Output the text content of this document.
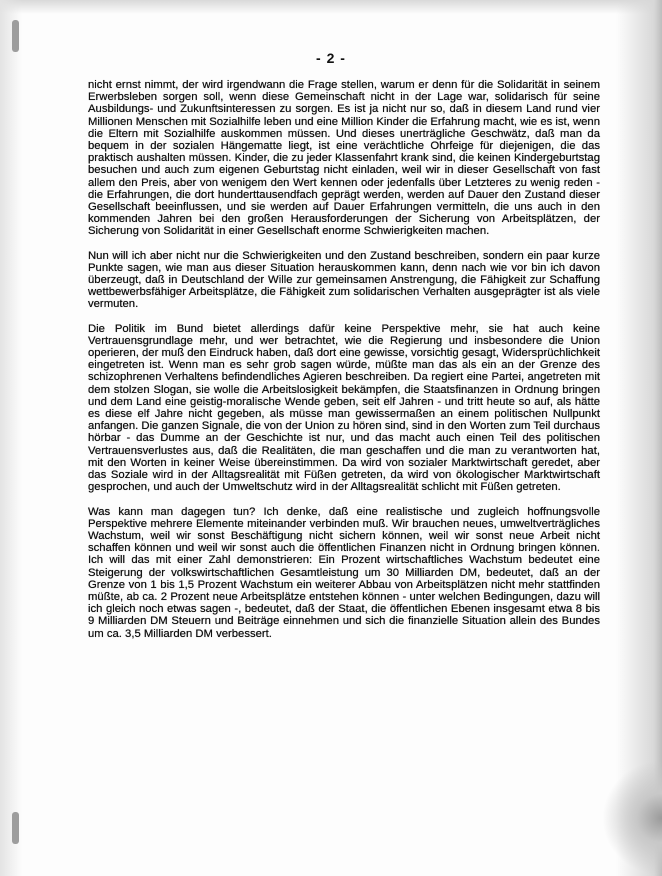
- 2 -

nicht ernst nimmt, der wird irgendwann die Frage stellen, warum er denn für die Solidarität in seinem Erwerbsleben sorgen soll, wenn diese Gemeinschaft nicht in der Lage war, solidarisch für seine Ausbildungs- und Zukunftsinteressen zu sorgen. Es ist ja nicht nur so, daß in diesem Land rund vier Millionen Menschen mit Sozialhilfe leben und eine Million Kinder die Erfahrung macht, wie es ist, wenn die Eltern mit Sozialhilfe auskommen müssen. Und dieses unerträgliche Geschwätz, daß man da bequem in der sozialen Hängematte liegt, ist eine verächtliche Ohrfeige für diejenigen, die das praktisch aushalten müssen. Kinder, die zu jeder Klassenfahrt krank sind, die keinen Kindergeburtstag besuchen und auch zum eigenen Geburtstag nicht einladen, weil wir in dieser Gesellschaft von fast allem den Preis, aber von wenigem den Wert kennen oder jedenfalls über Letzteres zu wenig reden - die Erfahrungen, die dort hunderttausendfach geprägt werden, werden auf Dauer den Zustand dieser Gesellschaft beeinflussen, und sie werden auf Dauer Erfahrungen vermitteln, die uns auch in den kommenden Jahren bei den großen Herausforderungen der Sicherung von Arbeitsplätzen, der Sicherung von Solidarität in einer Gesellschaft enorme Schwierigkeiten machen.

Nun will ich aber nicht nur die Schwierigkeiten und den Zustand beschreiben, sondern ein paar kurze Punkte sagen, wie man aus dieser Situation herauskommen kann, denn nach wie vor bin ich davon überzeugt, daß in Deutschland der Wille zur gemeinsamen Anstrengung, die Fähigkeit zur Schaffung wettbewerbsfähiger Arbeitsplätze, die Fähigkeit zum solidarischen Verhalten ausgeprägter ist als viele vermuten.

Die Politik im Bund bietet allerdings dafür keine Perspektive mehr, sie hat auch keine Vertrauensgrundlage mehr, und wer betrachtet, wie die Regierung und insbesondere die Union operieren, der muß den Eindruck haben, daß dort eine gewisse, vorsichtig gesagt, Widersprüchlichkeit eingetreten ist. Wenn man es sehr grob sagen würde, müßte man das als ein an der Grenze des schizophrenen Verhaltens befindendliches Agieren beschreiben. Da regiert eine Partei, angetreten mit dem stolzen Slogan, sie wolle die Arbeitslosigkeit bekämpfen, die Staatsfinanzen in Ordnung bringen und dem Land eine geistig-moralische Wende geben, seit elf Jahren - und tritt heute so auf, als hätte es diese elf Jahre nicht gegeben, als müsse man gewissermaßen an einem politischen Nullpunkt anfangen. Die ganzen Signale, die von der Union zu hören sind, sind in den Worten zum Teil durchaus hörbar - das Dumme an der Geschichte ist nur, und das macht auch einen Teil des politischen Vertrauensverlustes aus, daß die Realitäten, die man geschaffen und die man zu verantworten hat, mit den Worten in keiner Weise übereinstimmen. Da wird von sozialer Marktwirtschaft geredet, aber das Soziale wird in der Alltagsrealität mit Füßen getreten, da wird von ökologischer Marktwirtschaft gesprochen, und auch der Umweltschutz wird in der Alltagsrealität schlicht mit Füßen getreten.

Was kann man dagegen tun? Ich denke, daß eine realistische und zugleich hoffnungsvolle Perspektive mehrere Elemente miteinander verbinden muß. Wir brauchen neues, umweltverträgliches Wachstum, weil wir sonst Beschäftigung nicht sichern können, weil wir sonst neue Arbeit nicht schaffen können und weil wir sonst auch die öffentlichen Finanzen nicht in Ordnung bringen können. Ich will das mit einer Zahl demonstrieren: Ein Prozent wirtschaftliches Wachstum bedeutet eine Steigerung der volkswirtschaftlichen Gesamtleistung um 30 Milliarden DM, bedeutet, daß an der Grenze von 1 bis 1,5 Prozent Wachstum ein weiterer Abbau von Arbeitsplätzen nicht mehr stattfinden müßte, ab ca. 2 Prozent neue Arbeitsplätze entstehen können - unter welchen Bedingungen, dazu will ich gleich noch etwas sagen -, bedeutet, daß der Staat, die öffentlichen Ebenen insgesamt etwa 8 bis 9 Milliarden DM Steuern und Beiträge einnehmen und sich die finanzielle Situation allein des Bundes um ca. 3,5 Milliarden DM verbessert.
